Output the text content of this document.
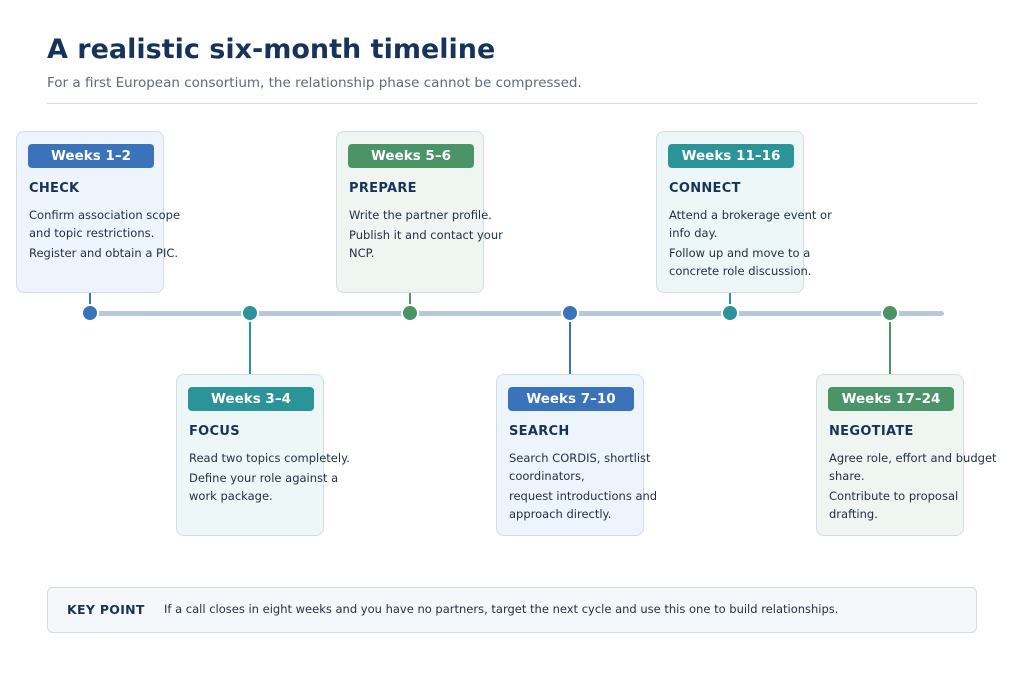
A realistic six-month timeline
For a first European consortium, the relationship phase cannot be compressed.
Weeks 1–2
CHECK

Confirm association scope and topic restrictions.

Register and obtain a PIC.

Weeks 3–4
FOCUS

Read two topics completely.

Define your role against a work package.

Weeks 5–6
PREPARE

Write the partner profile.

Publish it and contact your NCP.

Weeks 7–10
SEARCH

Search CORDIS, shortlist coordinators,

request introductions and approach directly.

Weeks 11–16
CONNECT

Attend a brokerage event or info day.

Follow up and move to a concrete role discussion.

Weeks 17–24
NEGOTIATE

Agree role, effort and budget share.

Contribute to proposal drafting.

KEY POINT If a call closes in eight weeks and you have no partners, target the next cycle and use this one to build relationships.
